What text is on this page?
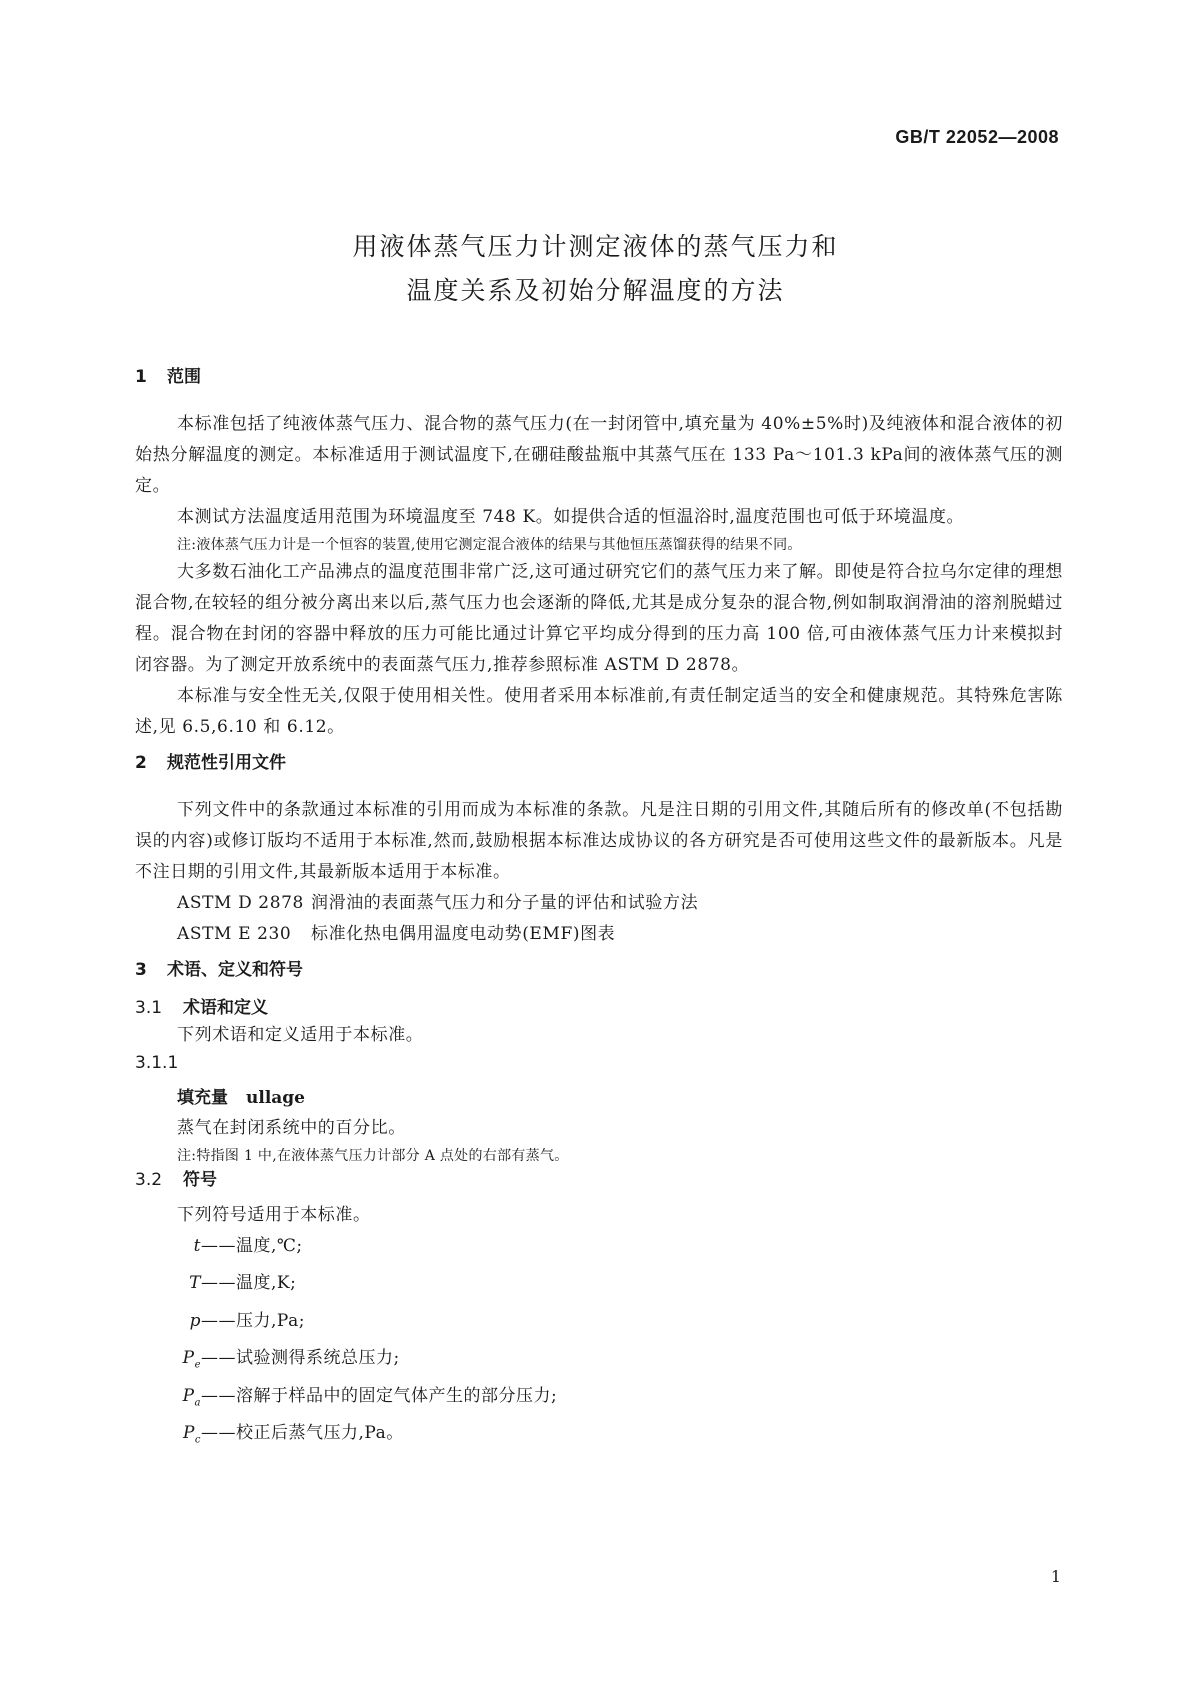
GB/T 22052—2008
用液体蒸气压力计测定液体的蒸气压力和
温度关系及初始分解温度的方法
1 范围

本标准包括了纯液体蒸气压力、混合物的蒸气压力(在一封闭管中,填充量为 40%±5%时)及纯液体和混合液体的初始热分解温度的测定。本标准适用于测试温度下,在硼硅酸盐瓶中其蒸气压在 133 Pa～101.3 kPa间的液体蒸气压的测定。

本测试方法温度适用范围为环境温度至 748 K。如提供合适的恒温浴时,温度范围也可低于环境温度。

注:液体蒸气压力计是一个恒容的装置,使用它测定混合液体的结果与其他恒压蒸馏获得的结果不同。

大多数石油化工产品沸点的温度范围非常广泛,这可通过研究它们的蒸气压力来了解。即使是符合拉乌尔定律的理想混合物,在较轻的组分被分离出来以后,蒸气压力也会逐渐的降低,尤其是成分复杂的混合物,例如制取润滑油的溶剂脱蜡过程。混合物在封闭的容器中释放的压力可能比通过计算它平均成分得到的压力高 100 倍,可由液体蒸气压力计来模拟封闭容器。为了测定开放系统中的表面蒸气压力,推荐参照标准 ASTM D 2878。

本标准与安全性无关,仅限于使用相关性。使用者采用本标准前,有责任制定适当的安全和健康规范。其特殊危害陈述,见 6.5,6.10 和 6.12。

2 规范性引用文件

下列文件中的条款通过本标准的引用而成为本标准的条款。凡是注日期的引用文件,其随后所有的修改单(不包括勘误的内容)或修订版均不适用于本标准,然而,鼓励根据本标准达成协议的各方研究是否可使用这些文件的最新版本。凡是不注日期的引用文件,其最新版本适用于本标准。

ASTM D 2878 润滑油的表面蒸气压力和分子量的评估和试验方法

ASTM E 230 标准化热电偶用温度电动势(EMF)图表

3 术语、定义和符号
3.1 术语和定义

下列术语和定义适用于本标准。

3.1.1

填充量 ullage

蒸气在封闭系统中的百分比。

注:特指图 1 中,在液体蒸气压力计部分 A 点处的右部有蒸气。

3.2 符号

下列符号适用于本标准。

t——温度,℃;

T——温度,K;

p——压力,Pa;

$P_e——$试验测得系统总压力;

$P_a——$溶解于样品中的固定气体产生的部分压力;

$P_c——$校正后蒸气压力,Pa。

1
